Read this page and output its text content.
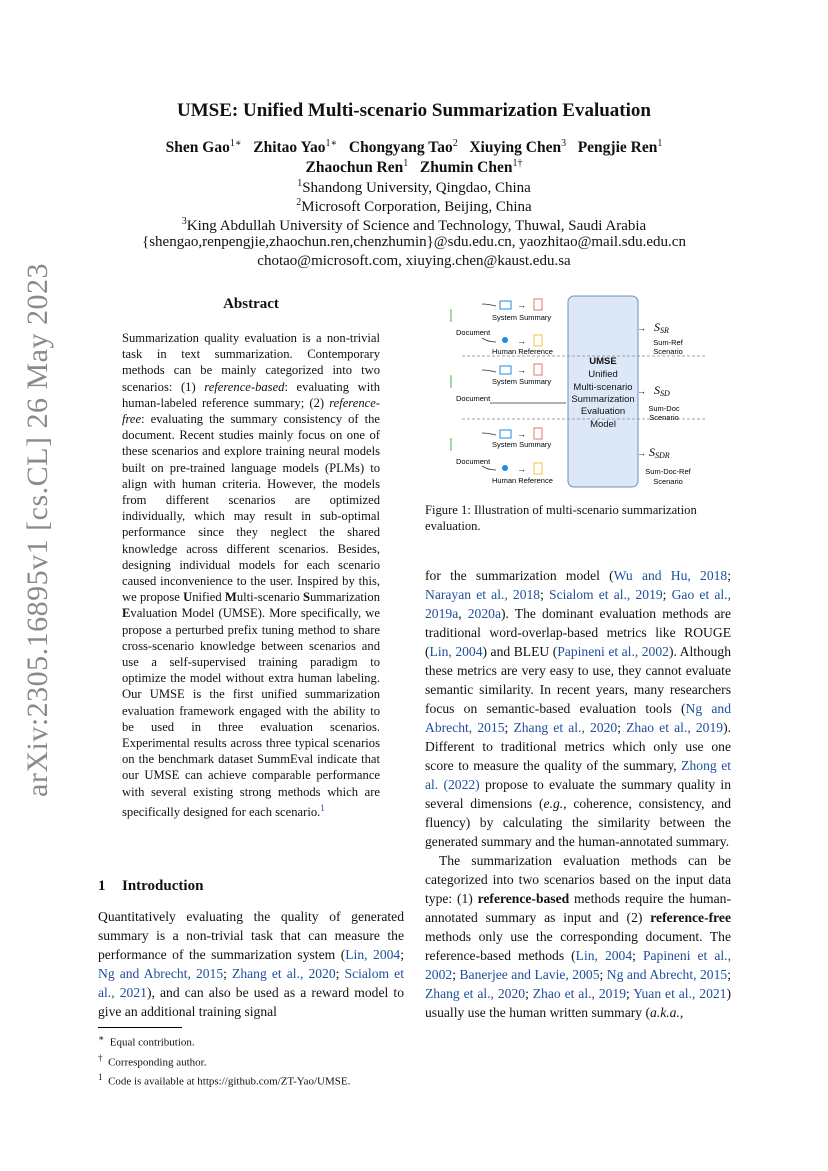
arXiv:2305.16895v1 [cs.CL] 26 May 2023
UMSE: Unified Multi-scenario Summarization Evaluation
Shen Gao$^{1∗}$ Zhitao Yao$^{1∗}$ Chongyang Tao$^2$ Xiuying Chen$^3$ Pengjie Ren$^1$
Zhaochun Ren$^1$ Zhumin Chen$^{1\dagger}$
$^1$Shandong University, Qingdao, China
$^2$Microsoft Corporation, Beijing, China
$^3$King Abdullah University of Science and Technology, Thuwal, Saudi Arabia
{shengao,renpengjie,zhaochun.ren,chenzhumin}@sdu.edu.cn, yaozhitao@mail.sdu.edu.cn
chotao@microsoft.com, xiuying.chen@kaust.edu.sa
Abstract
Summarization quality evaluation is a non-trivial task in text summarization. Contemporary methods can be mainly categorized into two scenarios: (1) reference-based: evaluating with human-labeled reference summary; (2) reference-free: evaluating the summary consistency of the document. Recent studies mainly focus on one of these scenarios and explore training neural models built on pre-trained language models (PLMs) to align with human criteria. However, the models from different scenarios are optimized individually, which may result in sub-optimal performance since they neglect the shared knowledge across different scenarios. Besides, designing individual models for each scenario caused inconvenience to the user. Inspired by this, we propose Unified Multi-scenario Summarization Evaluation Model (UMSE). More specifically, we propose a perturbed prefix tuning method to share cross-scenario knowledge between scenarios and use a self-supervised training paradigm to optimize the model without extra human labeling. Our UMSE is the first unified summarization evaluation framework engaged with the ability to be used in three evaluation scenarios. Experimental results across three typical scenarios on the benchmark dataset SummEval indicate that our UMSE can achieve comparable performance with several existing strong methods which are specifically designed for each scenario.$^1$
1 Introduction
Quantitatively evaluating the quality of generated summary is a non-trivial task that can measure the performance of the summarization system (Lin, 2004; Ng and Abrecht, 2015; Zhang et al., 2020; Scialom et al., 2021), and can also be used as a reward model to give an additional training signal
∗ Equal contribution.
† Corresponding author.
$^1$ Code is available at https://github.com/ZT-Yao/UMSE.
UMSE
Unified
Multi-scenario
Summarization
Evaluation
Model
Document
→
System Summary
→
Human Reference
→ SSR
Sum-Ref
Scenario
Document
→
System Summary
→ SSD
Sum-Doc
Scenario
Document
→
System Summary
→
Human Reference
→ SSDR
Sum-Doc-Ref
Scenario
Figure 1: Illustration of multi-scenario summarization evaluation.
for the summarization model (Wu and Hu, 2018; Narayan et al., 2018; Scialom et al., 2019; Gao et al., 2019a, 2020a). The dominant evaluation methods are traditional word-overlap-based metrics like ROUGE (Lin, 2004) and BLEU (Papineni et al., 2002). Although these metrics are very easy to use, they cannot evaluate semantic similarity. In recent years, many researchers focus on semantic-based evaluation tools (Ng and Abrecht, 2015; Zhang et al., 2020; Zhao et al., 2019). Different to traditional metrics which only use one score to measure the quality of the summary, Zhong et al. (2022) propose to evaluate the summary quality in several dimensions (e.g., coherence, consistency, and fluency) by calculating the similarity between the generated summary and the human-annotated summary.
The summarization evaluation methods can be categorized into two scenarios based on the input data type: (1) reference-based methods require the human-annotated summary as input and (2) reference-free methods only use the corresponding document. The reference-based methods (Lin, 2004; Papineni et al., 2002; Banerjee and Lavie, 2005; Ng and Abrecht, 2015; Zhang et al., 2020; Zhao et al., 2019; Yuan et al., 2021) usually use the human written summary (a.k.a.,
